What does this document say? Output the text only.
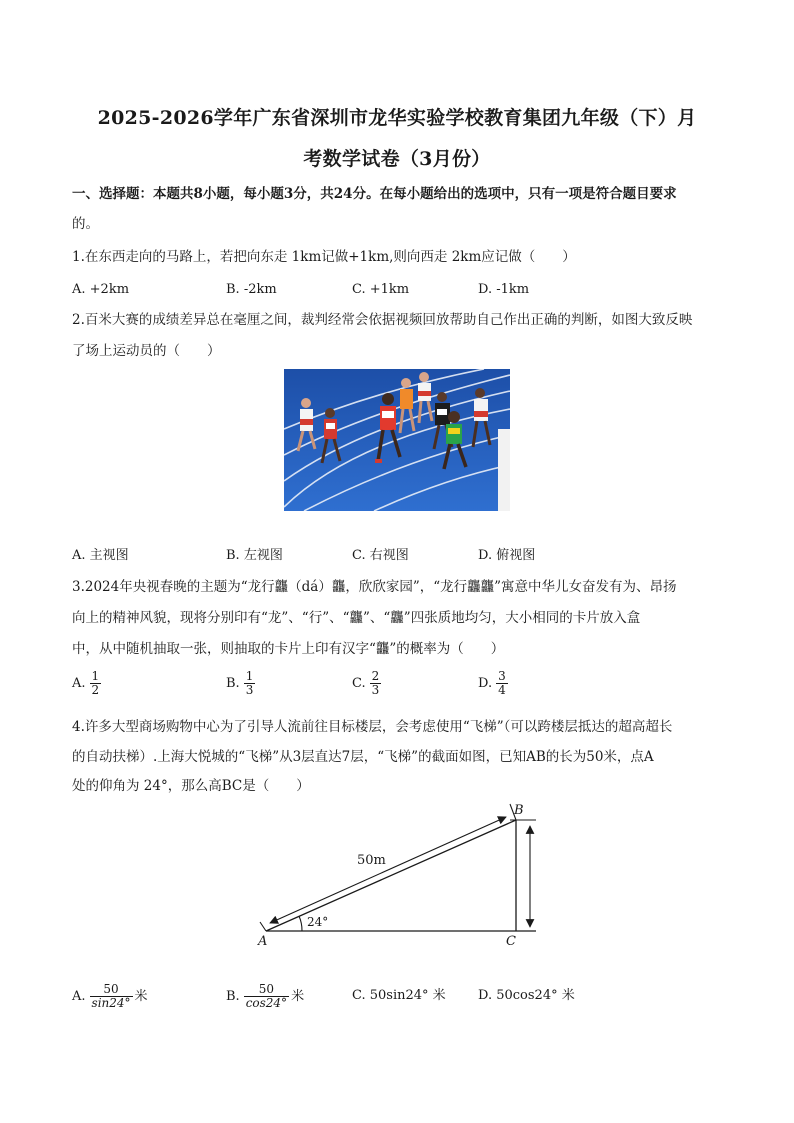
2025-2026学年广东省深圳市龙华实验学校教育集团九年级（下）月
考数学试卷（3月份）
一、选择题：本题共8小题，每小题3分，共24分。在每小题给出的选项中，只有一项是符合题目要求
的。
1.在东西走向的马路上，若把向东走 1km记做+1km,则向西走 2km应记做（　　）
A. +2km	B. -2km	C. +1km	D. -1km
2.百米大赛的成绩差异总在毫厘之间，裁判经常会依据视频回放帮助自己作出正确的判断，如图大致反映
了场上运动员的（　　）
A. 主视图	B. 左视图	C. 右视图	D. 俯视图
3.2024年央视春晚的主题为“龙行龘（dá）龘，欣欣家园”，“龙行龘龘”寓意中华儿女奋发有为、昂扬
向上的精神风貌，现将分别印有“龙”、“行”、“龘”、“龘”四张质地均匀，大小相同的卡片放入盒
中，从中随机抽取一张，则抽取的卡片上印有汉字“龘”的概率为（　　）
A. $\frac{1}{2}$	B. $\frac{1}{3}$	C. $\frac{2}{3}$	D. $\frac{3}{4}$
4.许多大型商场购物中心为了引导人流前往目标楼层，会考虑使用“飞梯”（可以跨楼层抵达的超高超长
的自动扶梯）.上海大悦城的“飞梯”从3层直达7层，“飞梯”的截面如图，已知AB的长为50米，点A
处的仰角为 24°，那么高BC是（　　）
A
B
C
50m
24°
A. $\frac{50}{\sin 24^\circ}$ 米	B. $\frac{50}{\cos 24^\circ}$ 米	C. 50sin24° 米 D. 50cos24° 米
